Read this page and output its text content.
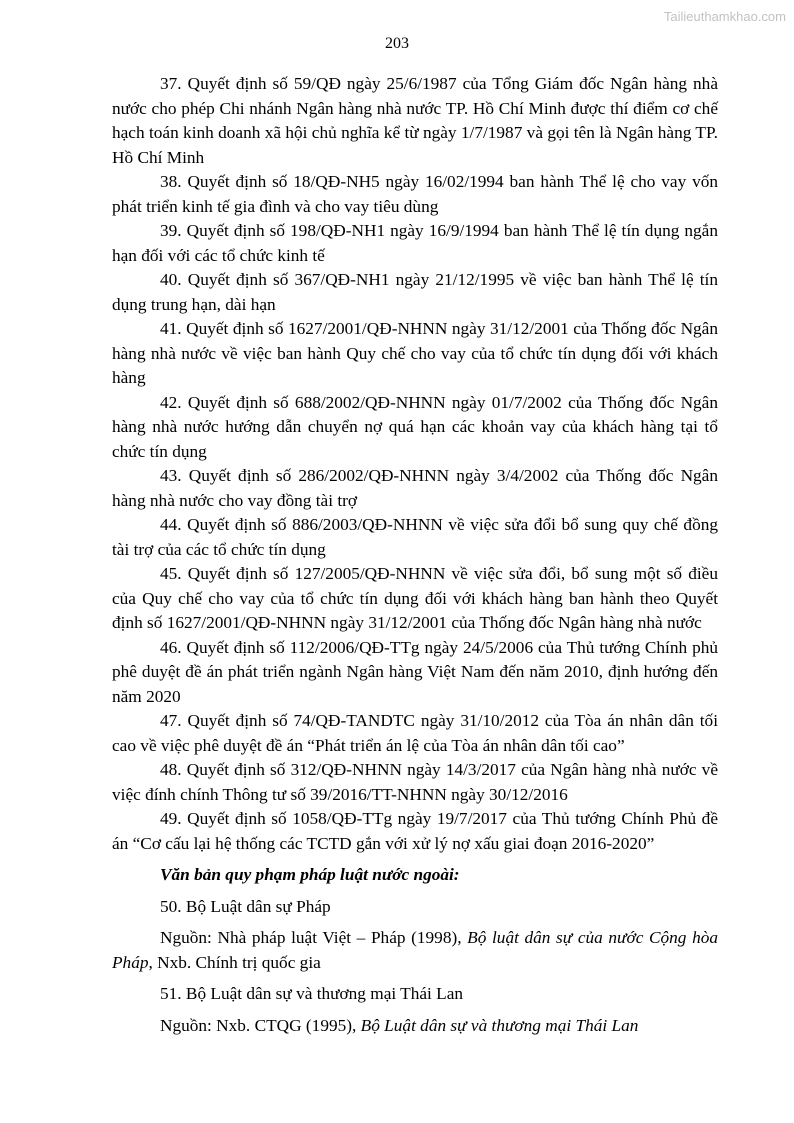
Tailieuthamkhao.com
203

37. Quyết định số 59/QĐ ngày 25/6/1987 của Tổng Giám đốc Ngân hàng nhà nước cho phép Chi nhánh Ngân hàng nhà nước TP. Hồ Chí Minh được thí điểm cơ chế hạch toán kinh doanh xã hội chủ nghĩa kể từ ngày 1/7/1987 và gọi tên là Ngân hàng TP. Hồ Chí Minh

38. Quyết định số 18/QĐ-NH5 ngày 16/02/1994 ban hành Thể lệ cho vay vốn phát triển kinh tế gia đình và cho vay tiêu dùng

39. Quyết định số 198/QĐ-NH1 ngày 16/9/1994 ban hành Thể lệ tín dụng ngắn hạn đối với các tổ chức kinh tế

40. Quyết định số 367/QĐ-NH1 ngày 21/12/1995 về việc ban hành Thể lệ tín dụng trung hạn, dài hạn

41. Quyết định số 1627/2001/QĐ-NHNN ngày 31/12/2001 của Thống đốc Ngân hàng nhà nước về việc ban hành Quy chế cho vay của tổ chức tín dụng đối với khách hàng

42. Quyết định số 688/2002/QĐ-NHNN ngày 01/7/2002 của Thống đốc Ngân hàng nhà nước hướng dẫn chuyển nợ quá hạn các khoản vay của khách hàng tại tổ chức tín dụng

43. Quyết định số 286/2002/QĐ-NHNN ngày 3/4/2002 của Thống đốc Ngân hàng nhà nước cho vay đồng tài trợ

44. Quyết định số 886/2003/QĐ-NHNN về việc sửa đổi bổ sung quy chế đồng tài trợ của các tổ chức tín dụng

45. Quyết định số 127/2005/QĐ-NHNN về việc sửa đổi, bổ sung một số điều của Quy chế cho vay của tổ chức tín dụng đối với khách hàng ban hành theo Quyết định số 1627/2001/QĐ-NHNN ngày 31/12/2001 của Thống đốc Ngân hàng nhà nước

46. Quyết định số 112/2006/QĐ-TTg ngày 24/5/2006 của Thủ tướng Chính phủ phê duyệt đề án phát triển ngành Ngân hàng Việt Nam đến năm 2010, định hướng đến năm 2020

47. Quyết định số 74/QĐ-TANDTC ngày 31/10/2012 của Tòa án nhân dân tối cao về việc phê duyệt đề án “Phát triển án lệ của Tòa án nhân dân tối cao”

48. Quyết định số 312/QĐ-NHNN ngày 14/3/2017 của Ngân hàng nhà nước về việc đính chính Thông tư số 39/2016/TT-NHNN ngày 30/12/2016

49. Quyết định số 1058/QĐ-TTg ngày 19/7/2017 của Thủ tướng Chính Phủ đề án “Cơ cấu lại hệ thống các TCTD gắn với xử lý nợ xấu giai đoạn 2016-2020”

Văn bản quy phạm pháp luật nước ngoài:

50. Bộ Luật dân sự Pháp

Nguồn: Nhà pháp luật Việt – Pháp (1998), Bộ luật dân sự của nước Cộng hòa Pháp, Nxb. Chính trị quốc gia

51. Bộ Luật dân sự và thương mại Thái Lan

Nguồn: Nxb. CTQG (1995), Bộ Luật dân sự và thương mại Thái Lan
